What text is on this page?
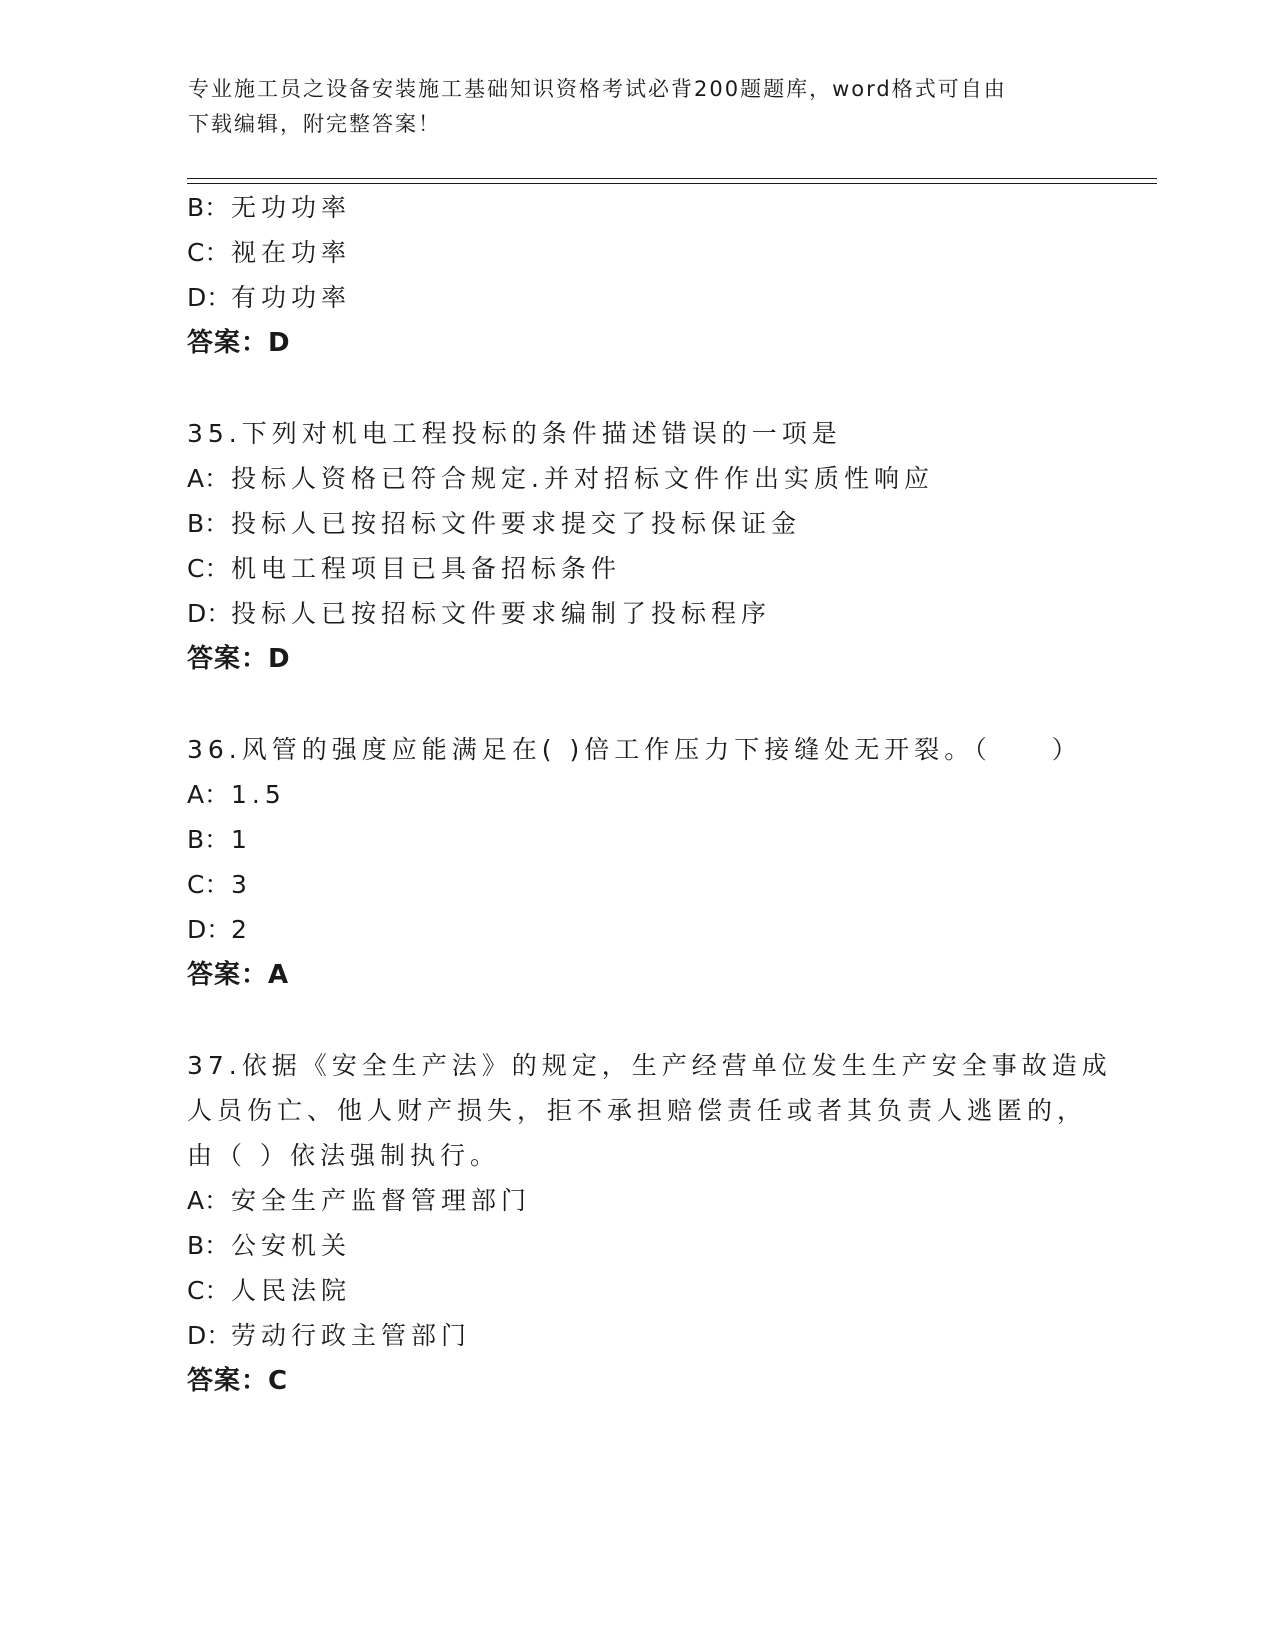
专业施工员之设备安装施工基础知识资格考试必背200题题库，word格式可自由
下载编辑，附完整答案！
B：无功功率
C：视在功率
D：有功功率
答案：D
35.下列对机电工程投标的条件描述错误的一项是
A：投标人资格已符合规定.并对招标文件作出实质性响应
B：投标人已按招标文件要求提交了投标保证金
C：机电工程项目已具备招标条件
D：投标人已按招标文件要求编制了投标程序
答案：D
36.风管的强度应能满足在( )倍工作压力下接缝处无开裂。（　　）
A：1.5
B：1
C：3
D：2
答案：A
37.依据《安全生产法》的规定，生产经营单位发生生产安全事故造成
人员伤亡、他人财产损失，拒不承担赔偿责任或者其负责人逃匿的，
由（ ）依法强制执行。
A：安全生产监督管理部门
B：公安机关
C：人民法院
D：劳动行政主管部门
答案：C
